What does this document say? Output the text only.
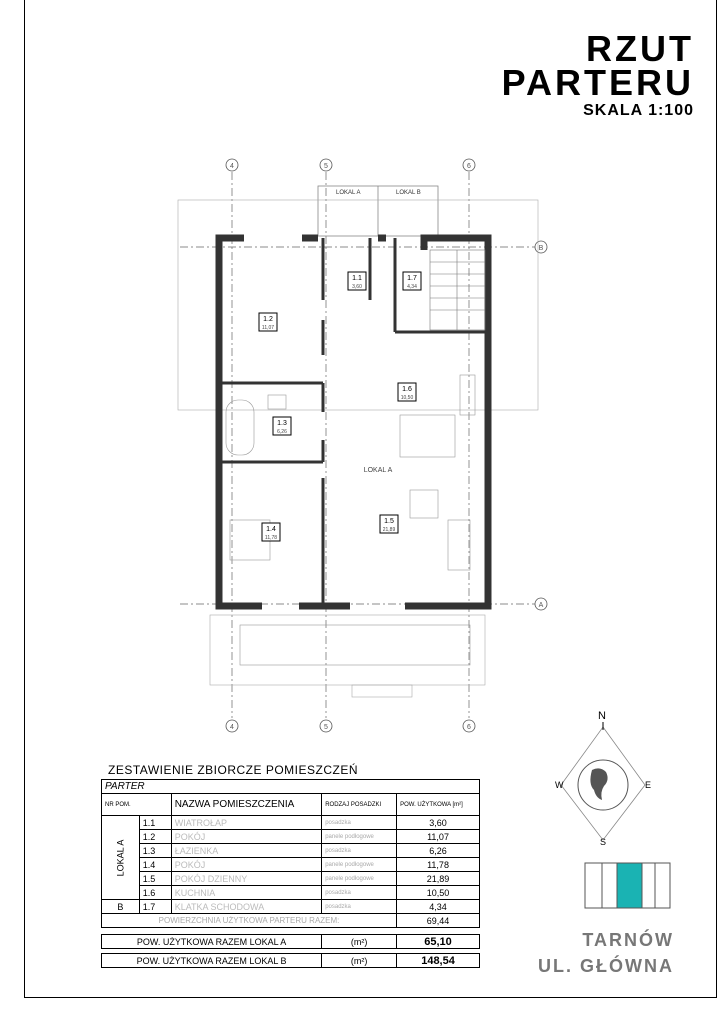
RZUT
PARTERU
SKALA 1:100
4	5	6
4	5	6
B
A
LOKAL A	LOKAL B
1.1
3,60
1.7
4,34
1.2
11,07
1.6
10,50
1.3
6,26
1.4
11,78
1.5
21,89
LOKAL A
ZESTAWIENIE ZBIORCZE POMIESZCZEŃ
PARTER				
NR POM.		NAZWA POMIESZCZENIA	RODZAJ POSADZKI	POW. UŻYTKOWA [m²]

LOKAL A	1.1	WIATROŁAP	posadzka	3,60
	1.2	POKÓJ	panele podłogowe	11,07
	1.3	ŁAZIENKA	posadzka	6,26
	1.4	POKÓJ	panele podłogowe	11,78
	1.5	POKÓJ DZIENNY	panele podłogowe	21,89
	1.6	KUCHNIA	posadzka	10,50
B	1.7	KLATKA SCHODOWA	posadzka	4,34
POWIERZCHNIA UŻYTKOWA PARTERU RAZEM:				69,44

POW. UŻYTKOWA RAZEM LOKAL A			(m²)	65,10

POW. UŻYTKOWA RAZEM LOKAL B			(m²)	148,54
N
S
E
W
TARNÓW
UL. GŁÓWNA
